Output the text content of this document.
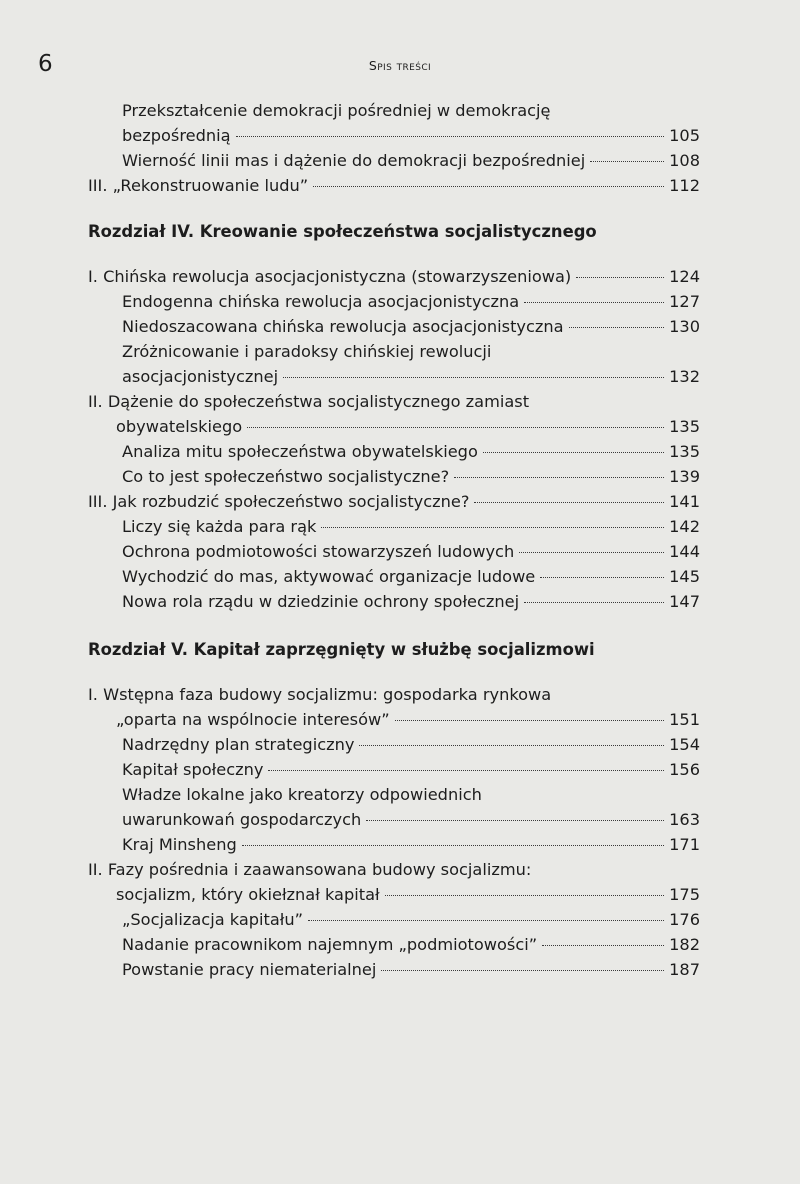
6	Spis treści
Przekształcenie demokracji pośredniej w demokrację
bezpośrednią	105
Wierność linii mas i dążenie do demokracji bezpośredniej	108
III. „Rekonstruowanie ludu”	112
Rozdział IV. Kreowanie społeczeństwa socjalistycznego
I. Chińska rewolucja asocjacjonistyczna (stowarzyszeniowa)	124
Endogenna chińska rewolucja asocjacjonistyczna	127
Niedoszacowana chińska rewolucja asocjacjonistyczna	130
Zróżnicowanie i paradoksy chińskiej rewolucji
asocjacjonistycznej	132
II. Dążenie do społeczeństwa socjalistycznego zamiast
obywatelskiego	135
Analiza mitu społeczeństwa obywatelskiego	135
Co to jest społeczeństwo socjalistyczne?	139
III. Jak rozbudzić społeczeństwo socjalistyczne?	141
Liczy się każda para rąk	142
Ochrona podmiotowości stowarzyszeń ludowych	144
Wychodzić do mas, aktywować organizacje ludowe	145
Nowa rola rządu w dziedzinie ochrony społecznej	147
Rozdział V. Kapitał zaprzęgnięty w służbę socjalizmowi
I. Wstępna faza budowy socjalizmu: gospodarka rynkowa
„oparta na wspólnocie interesów”	151
Nadrzędny plan strategiczny	154
Kapitał społeczny	156
Władze lokalne jako kreatorzy odpowiednich
uwarunkowań gospodarczych	163
Kraj Minsheng	171
II. Fazy pośrednia i zaawansowana budowy socjalizmu:
socjalizm, który okiełznał kapitał	175
„Socjalizacja kapitału”	176
Nadanie pracownikom najemnym „podmiotowości”	182
Powstanie pracy niematerialnej	187
